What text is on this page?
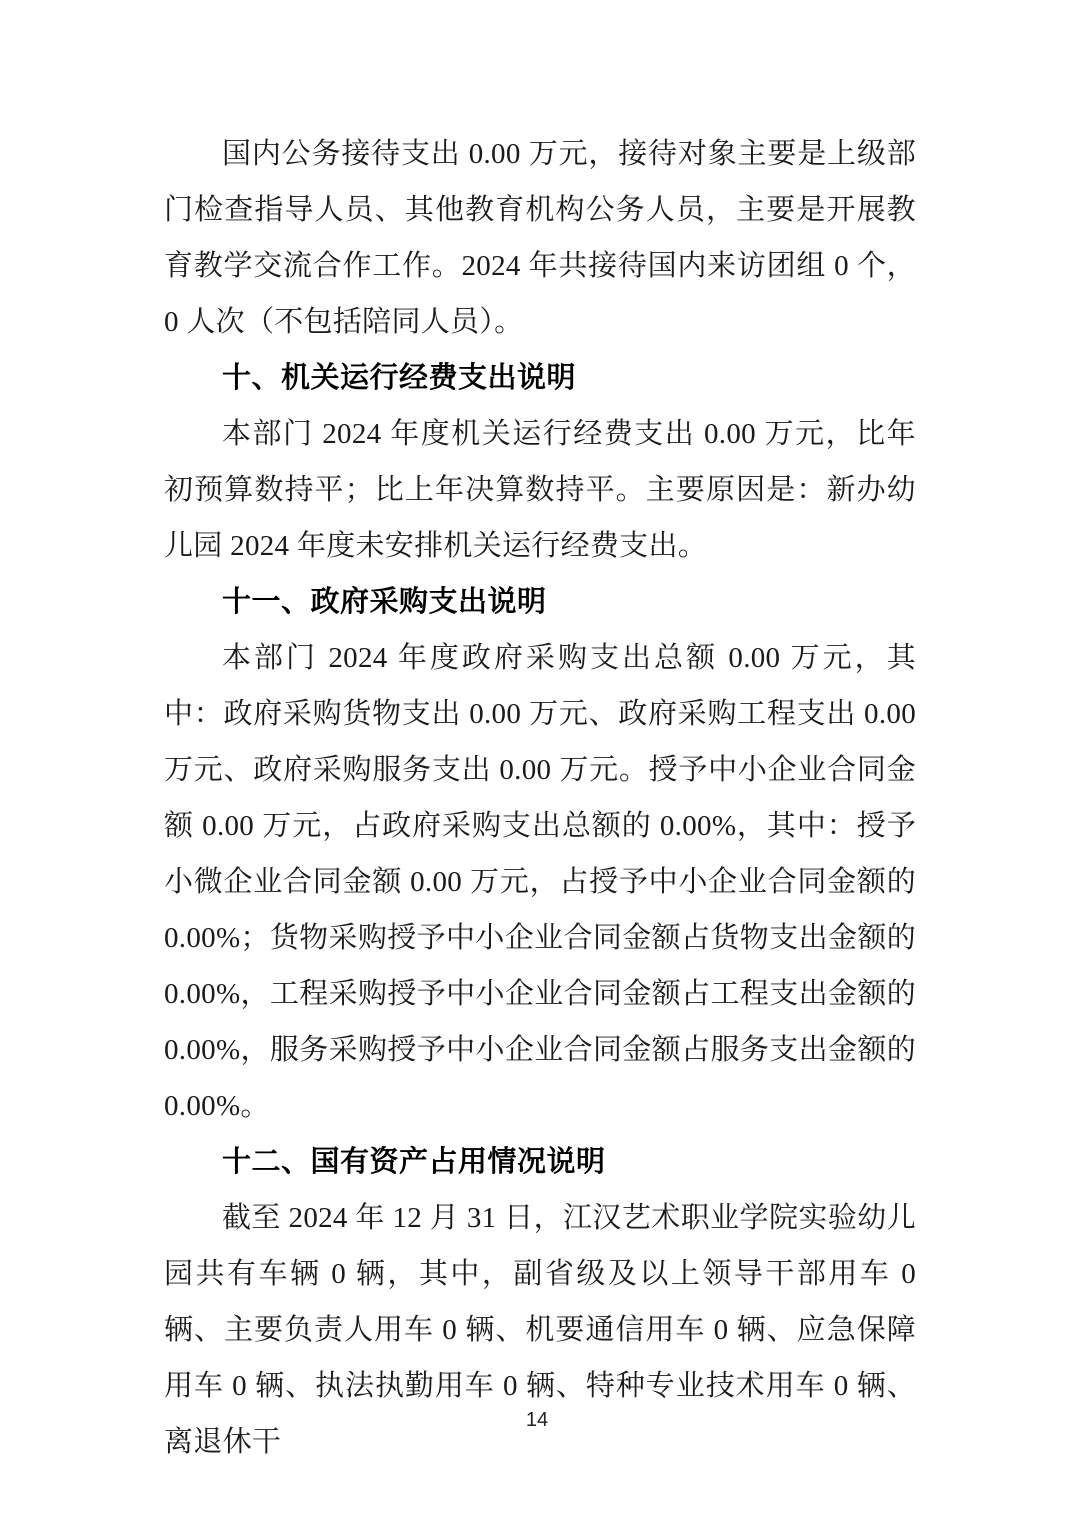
国内公务接待支出 0.00 万元，接待对象主要是上级部门检查指导人员、其他教育机构公务人员，主要是开展教育教学交流合作工作。2024 年共接待国内来访团组 0 个，0 人次（不包括陪同人员）。

十、机关运行经费支出说明

本部门 2024 年度机关运行经费支出 0.00 万元，比年初预算数持平；比上年决算数持平。主要原因是：新办幼儿园 2024 年度未安排机关运行经费支出。

十一、政府采购支出说明

本部门 2024 年度政府采购支出总额 0.00 万元，其中：政府采购货物支出 0.00 万元、政府采购工程支出 0.00 万元、政府采购服务支出 0.00 万元。授予中小企业合同金额 0.00 万元，占政府采购支出总额的 0.00%，其中：授予小微企业合同金额 0.00 万元，占授予中小企业合同金额的 0.00%；货物采购授予中小企业合同金额占货物支出金额的 0.00%，工程采购授予中小企业合同金额占工程支出金额的 0.00%，服务采购授予中小企业合同金额占服务支出金额的 0.00%。

十二、国有资产占用情况说明

截至 2024 年 12 月 31 日，江汉艺术职业学院实验幼儿园共有车辆 0 辆，其中，副省级及以上领导干部用车 0 辆、主要负责人用车 0 辆、机要通信用车 0 辆、应急保障用车 0 辆、执法执勤用车 0 辆、特种专业技术用车 0 辆、离退休干

14
